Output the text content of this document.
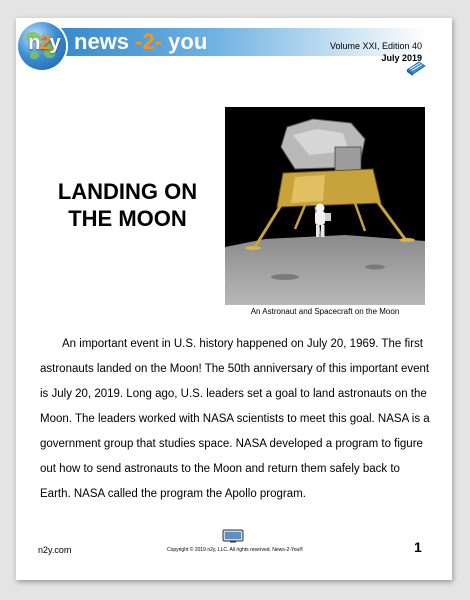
n2y news -2- you	Volume XXI, Edition 40
July 2019
LANDING ON
THE MOON
An Astronaut and Spacecraft on the Moon

An important event in U.S. history happened on July 20, 1969. The first astronauts landed on the Moon! The 50th anniversary of this important event is July 20, 2019. Long ago, U.S. leaders set a goal to land astronauts on the Moon. The leaders worked with NASA scientists to meet this goal. NASA is a government group that studies space. NASA developed a program to figure out how to send astronauts to the Moon and return them safely back to Earth. NASA called the program the Apollo program.

n2y.com	Copyright © 2019 n2y, LLC. All rights reserved. News-2-You®	1
